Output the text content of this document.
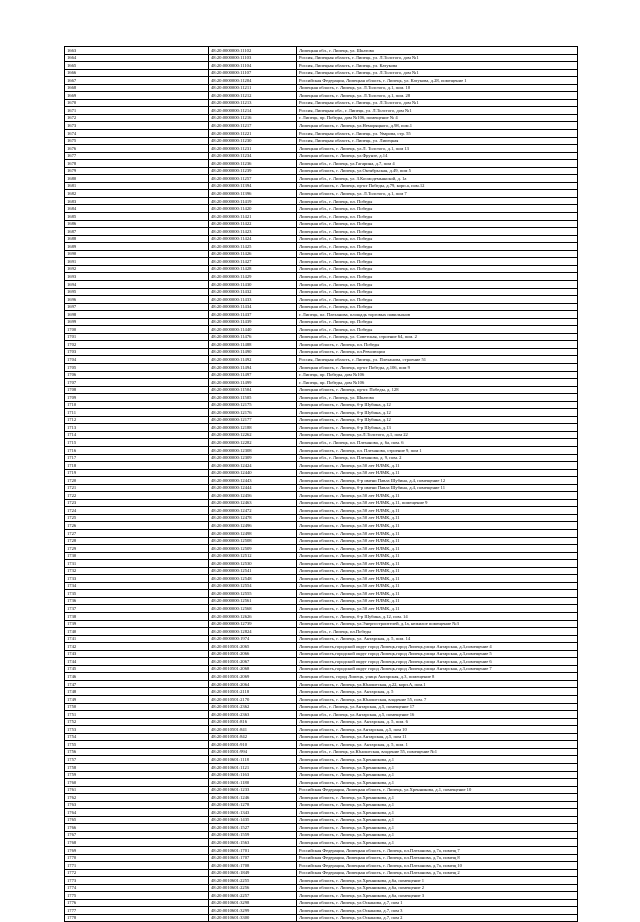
1663	48:20:0000000:11102	Липецкая обл., г. Липецк, ул. Шкатова
1664	48:20:0000000:11103	Россия, Липецкая область, г. Липецк, ул. Л.Толстого, дом №1
1665	48:20:0000000:11104	Россия, Липецкая область, г. Липецк, ул. Катукова
1666	48:20:0000000:11107	Россия, Липецкая область, г. Липецк, ул. Л.Толстого, дом №1
1667	48:20:0000000:11204	Российская Федерация, Липецкая область, г. Липецк, ул. Катукова, д.28, помещение 1
1668	48:20:0000000:11211	Липецкая область, г. Липецк, ул. Л.Толстого, д.1, пом. 10
1669	48:20:0000000:11212	Липецкая область, г. Липецк, ул. Л.Толстого, д.1, пом. 28
1670	48:20:0000000:11213	Россия, Липецкая область, г. Липецк, ул. Л.Толстого, дом №1
1671	48:20:0000000:11214	Россия, Липецкая обл., г. Липецк, ул. Л.Толстого, дом №1
1672	48:20:0000000:11216	г. Липецк, пр. Победы, дом №106, помещение № 4
1673	48:20:0000000:11217	Липецкая область, г. Липецк, ул.Неморяцкого, д.98, пом.1
1674	48:20:0000000:11221	Россия, Липецкая область, г. Липецк, ул. Уварова, стр. 55
1675	48:20:0000000:11230	Россия, Липецкая область, г. Липецк, ул. Липецкая
1676	48:20:0000000:11231	Липецкая область, г. Липецк, ул.Л. Толстого, д.1, пом 13
1677	48:20:0000000:11234	Липецкая область, г. Липецк, ул.Фрунзе, д.14
1678	48:20:0000000:11236	Липецкая обл., г. Липецк, ул.Гагарина, д.7, пом 4
1679	48:20:0000000:11239	Липецкая область, г. Липецк, ул.Октябрьская, д.49, пом 5
1680	48:20:0000000:11257	Липецкая обл., г. Липецк, ул. З.Космодемьянской, д. 1а
1681	48:20:0000000:11394	Липецкая область, г. Липецк, пр-кт Победы, д.79, корп.а, пом.12
1682	48:20:0000000:11396	Липецкая область, г. Липецк, ул. Л.Толстого, д.1, пом 7
1683	48:20:0000000:11419	Липецкая обл., г. Липецк, пл. Победы
1684	48:20:0000000:11420	Липецкая обл., г. Липецк, пл. Победы
1685	48:20:0000000:11421	Липецкая обл., г. Липецк, пл. Победы
1686	48:20:0000000:11422	Липецкая обл., г. Липецк, пл. Победы
1687	48:20:0000000:11423	Липецкая обл., г. Липецк, пл. Победы
1688	48:20:0000000:11424	Липецкая обл., г. Липецк, пл. Победы
1689	48:20:0000000:11425	Липецкая обл., г. Липецк, пл. Победы
1690	48:20:0000000:11426	Липецкая обл., г. Липецк, пл. Победы
1691	48:20:0000000:11427	Липецкая обл., г. Липецк, пл. Победы
1692	48:20:0000000:11428	Липецкая обл., г. Липецк, пл. Победы
1693	48:20:0000000:11429	Липецкая обл., г. Липецк, пл. Победы
1694	48:20:0000000:11430	Липецкая обл., г. Липецк, пл. Победы
1695	48:20:0000000:11432	Липецкая обл., г. Липецк, пл. Победы
1696	48:20:0000000:11433	Липецкая обл., г. Липецк, пл. Победы
1697	48:20:0000000:11434	Липецкая обл., г. Липецк, пл. Победы
1698	48:20:0000000:11437	г. Липецк, пл. Плеханова, площадь торговых павильонов
1699	48:20:0000000:11439	Липецкая обл., г. Липецк, пр. Победы
1700	48:20:0000000:11440	Липецкая обл., г. Липецк, пл. Победы
1701	48:20:0000000:11476	Липецкая обл., г. Липецк, ул. Советская, строение 64, пом. 2
1702	48:20:0000000:11488	Липецкая область, г. Липецк, пл. Победы
1703	48:20:0000000:11490	Липецкая область, г. Липецк, пл.Революции
1704	48:20:0000000:11492	Россия, Липецкая область, г. Липецк, ул. Плеханова, строение 51
1705	48:20:0000000:11494	Липецкая область, г. Липецк, пр-кт Победы, д.106, пом 9
1706	48:20:0000000:11497	г. Липецк, пр. Победы, дом №106
1707	48:20:0000000:11499	г. Липецк, пр. Победы, дом №106
1708	48:20:0000000:11504	Липецкая область, г. Липецк, пр-кт. Победы, д. 128
1709	48:20:0000000:11505	Липецкая обл., г. Липецк, ул. Шкатова
1710	48:20:0000000:12175	Липецкая область, г. Липецк, б-р Шубина, д.12
1711	48:20:0000000:12176	Липецкая область, г. Липецк, б-р Шубина, д.12
1712	48:20:0000000:12177	Липецкая область, г. Липецк, б-р Шубина, д.12
1713	48:20:0000000:12188	Липецкая область, г. Липецк, б-р Шубина, д.13
1714	48:20:0000000:12262	Липецкая область, г. Липецк, ул.Л.Толстого, д.1, пом 22
1715	48:20:0000000:12282	Липецкая обл., г. Липецк, пл. Плеханова, д. 6а, пом. 6
1716	48:20:0000000:12308	Липецкая область, г. Липецк, пл. Плеханова, строение 9, пом 1
1717	48:20:0000000:12309	Липецкая обл., г. Липецк, пл. Плеханова, д. 9, пом. 2
1718	48:20:0000000:12424	Липецкая область, г. Липецк, ул.50 лет НЛМК, д.11
1719	48:20:0000000:12440	Липецкая область, г. Липецк, ул.50 лет НЛМК, д.11
1720	48:20:0000000:12443	Липецкая область, г. Липецк, б-р имени Павла Шубина, д.4, помещение 12
1721	48:20:0000000:12444	Липецкая область, г. Липецк, б-р имени Павла Шубина, д.4, помещение 11
1722	48:20:0000000:12456	Липецкая область, г. Липецк, ул.50 лет НЛМК, д.11
1723	48:20:0000000:12463	Липецкая область, г. Липецк, ул.50 лет НЛМК, д.11, помещение 9
1724	48:20:0000000:12472	Липецкая область, г. Липецк, ул.50 лет НЛМК, д.11
1725	48:20:0000000:12478	Липецкая область, г. Липецк, ул.50 лет НЛМК, д.11
1726	48:20:0000000:12496	Липецкая область, г. Липецк, ул.50 лет НЛМК, д.11
1727	48:20:0000000:12498	Липецкая область, г. Липецк, ул.50 лет НЛМК, д.11
1728	48:20:0000000:12508	Липецкая область, г. Липецк, ул.50 лет НЛМК, д.11
1729	48:20:0000000:12509	Липецкая область, г. Липецк, ул.50 лет НЛМК, д.11
1730	48:20:0000000:12512	Липецкая область, г. Липецк, ул.50 лет НЛМК, д.11
1731	48:20:0000000:12530	Липецкая область, г. Липецк, ул.50 лет НЛМК, д.11
1732	48:20:0000000:12541	Липецкая область, г. Липецк, ул.50 лет НЛМК, д.11
1733	48:20:0000000:12548	Липецкая область, г. Липецк, ул.50 лет НЛМК, д.11
1734	48:20:0000000:12554	Липецкая область, г. Липецк, ул.50 лет НЛМК, д.11
1735	48:20:0000000:12555	Липецкая область, г. Липецк, ул.50 лет НЛМК, д.11
1736	48:20:0000000:12561	Липецкая область, г. Липецк, ул.50 лет НЛМК, д.11
1737	48:20:0000000:12568	Липецкая область, г. Липецк, ул.50 лет НЛМК, д.11
1738	48:20:0000000:12626	Липецкая область, г. Липецк, б-р Шубина, д.12, пом. 14
1739	48:20:0000000:12739	Липецкая область, г. Липецк, ул.Энергостроителей, д.1а, нежилое помещение №3
1740	48:20:0000000:12824	Липецкая обл., г. Липецк, пл.Победы
1741	48:20:0000000:1974	Липецкая область, г. Липецк, ул. Антарская, д. 5, пом. 14
1742	48:20:0010501:2065	Липецкая область,городской округ город Липецк,город Липецк,улица Антарская, д.3,помещение 4
1743	48:20:0010501:2066	Липецкая область,городской округ город Липецк,город Липецк,улица Антарская, д.3,помещение 5
1744	48:20:0010501:2067	Липецкая область,городской округ город Липецк,город Липецк,улица Антарская, д.3,помещение 6
1745	48:20:0010501:2068	Липецкая область,городской округ город Липецк,город Липецк,улица Антарская, д.3,помещение 7
1746	48:20:0010501:2069	Липецкая область, город Липецк, улица Антарская, д.3, помещение 8
1747	48:20:0010501:2064	Липецкая область, г. Липецк, ул.Юношеская, д.22, корп.А, пом.1
1748	48:20:0010501:2118	Липецкая область, г. Липецк, ул. Антарская, д. 5
1749	48:20:0010501:2170	Липецкая область, г. Липецк, ул.Юношеская, владение 55, пом. 7
1750	48:20:0010501:2362	Липецкая обл., г. Липецк, ул.Антарская, д.5, помещение 17
1751	48:20:0010501:2363	Липецкая обл., г. Липецк, ул.Антарская, д.5, помещение 16
1752	48:20:0010501:816	Липецкая область, г. Липецк, ул. Антарская, д. 5, пом. 6
1753	48:20:0010501:841	Липецкая область, г. Липецк, ул.Антарская, д.5, пом 10
1754	48:20:0010501:842	Липецкая область, г. Липецк, ул.Антарская, д.5, пом 11
1755	48:20:0010501:910	Липецкая область, г. Липецк, ул. Антарская, д. 5, пом. 1
1756	48:20:0010501:994	Липецкая обл., г. Липецк, ул.Юношеская, владение 55, помещение №1
1757	48:20:0010601:1118	Липецкая область, г. Липецк, ул.Хренникова, д.1
1758	48:20:0010601:1121	Липецкая область, г. Липецк, ул.Хренникова, д.1
1759	48:20:0010601:1163	Липецкая область, г. Липецк, ул.Хренникова, д.1
1760	48:20:0010601:1180	Липецкая область, г. Липецк, ул.Хренникова, д.1
1761	48:20:0010601:1233	Российская Федерация, Липецкая область, г. Липецк, ул.Хренникова, д.1, помещение 10
1762	48:20:0010601:1246	Липецкая область, г. Липецк, ул.Хренникова, д.1
1763	48:20:0010601:1278	Липецкая область, г. Липецк, ул.Хренникова, д.1
1764	48:20:0010601:1343	Липецкая область, г. Липецк, ул.Хренникова, д.1
1765	48:20:0010601:1435	Липецкая область, г. Липецк, ул.Хренникова, д.1
1766	48:20:0010601:1527	Липецкая область, г. Липецк, ул.Хренникова, д.1
1767	48:20:0010601:1559	Липецкая область, г. Липецк, ул.Хренникова, д.1
1768	48:20:0010601:1563	Липецкая область, г. Липецк, ул.Хренникова, д.1
1769	48:20:0010601:1701	Российская Федерация, Липецкая область, г. Липецк, пл.Плеханова, д.7а, помещ 7
1770	48:20:0010601:1707	Российская Федерация, Липецкая область, г. Липецк, пл.Плеханова, д.7а, помещ 8
1771	48:20:0010601:1708	Российская Федерация, Липецкая область, г. Липецк, пл.Плеханова, д.7а, помещ 10
1772	48:20:0010601:1849	Российская Федерация, Липецкая область, г. Липецк, пл.Плеханова, д.7а, помещ 2
1773	48:20:0010601:2255	Липецкая область, г. Липецк, ул.Хренникова, д.6а, помещение 1
1774	48:20:0010601:2256	Липецкая область, г. Липецк, ул.Хренникова, д.6а, помещение 2
1775	48:20:0010601:2257	Липецкая область, г. Липецк, ул.Хренникова, д.6а, помещение 3
1776	48:20:0010601:3298	Липецкая область, г. Липецк, ул.Осканова, д.7, пом 1
1777	48:20:0010601:3299	Липецкая область, г. Липецк, ул.Осканова, д.7, пом 3
1778	48:20:0010601:3300	Липецкая область, г. Липецк, ул.Осканова, д.7, пом 2
